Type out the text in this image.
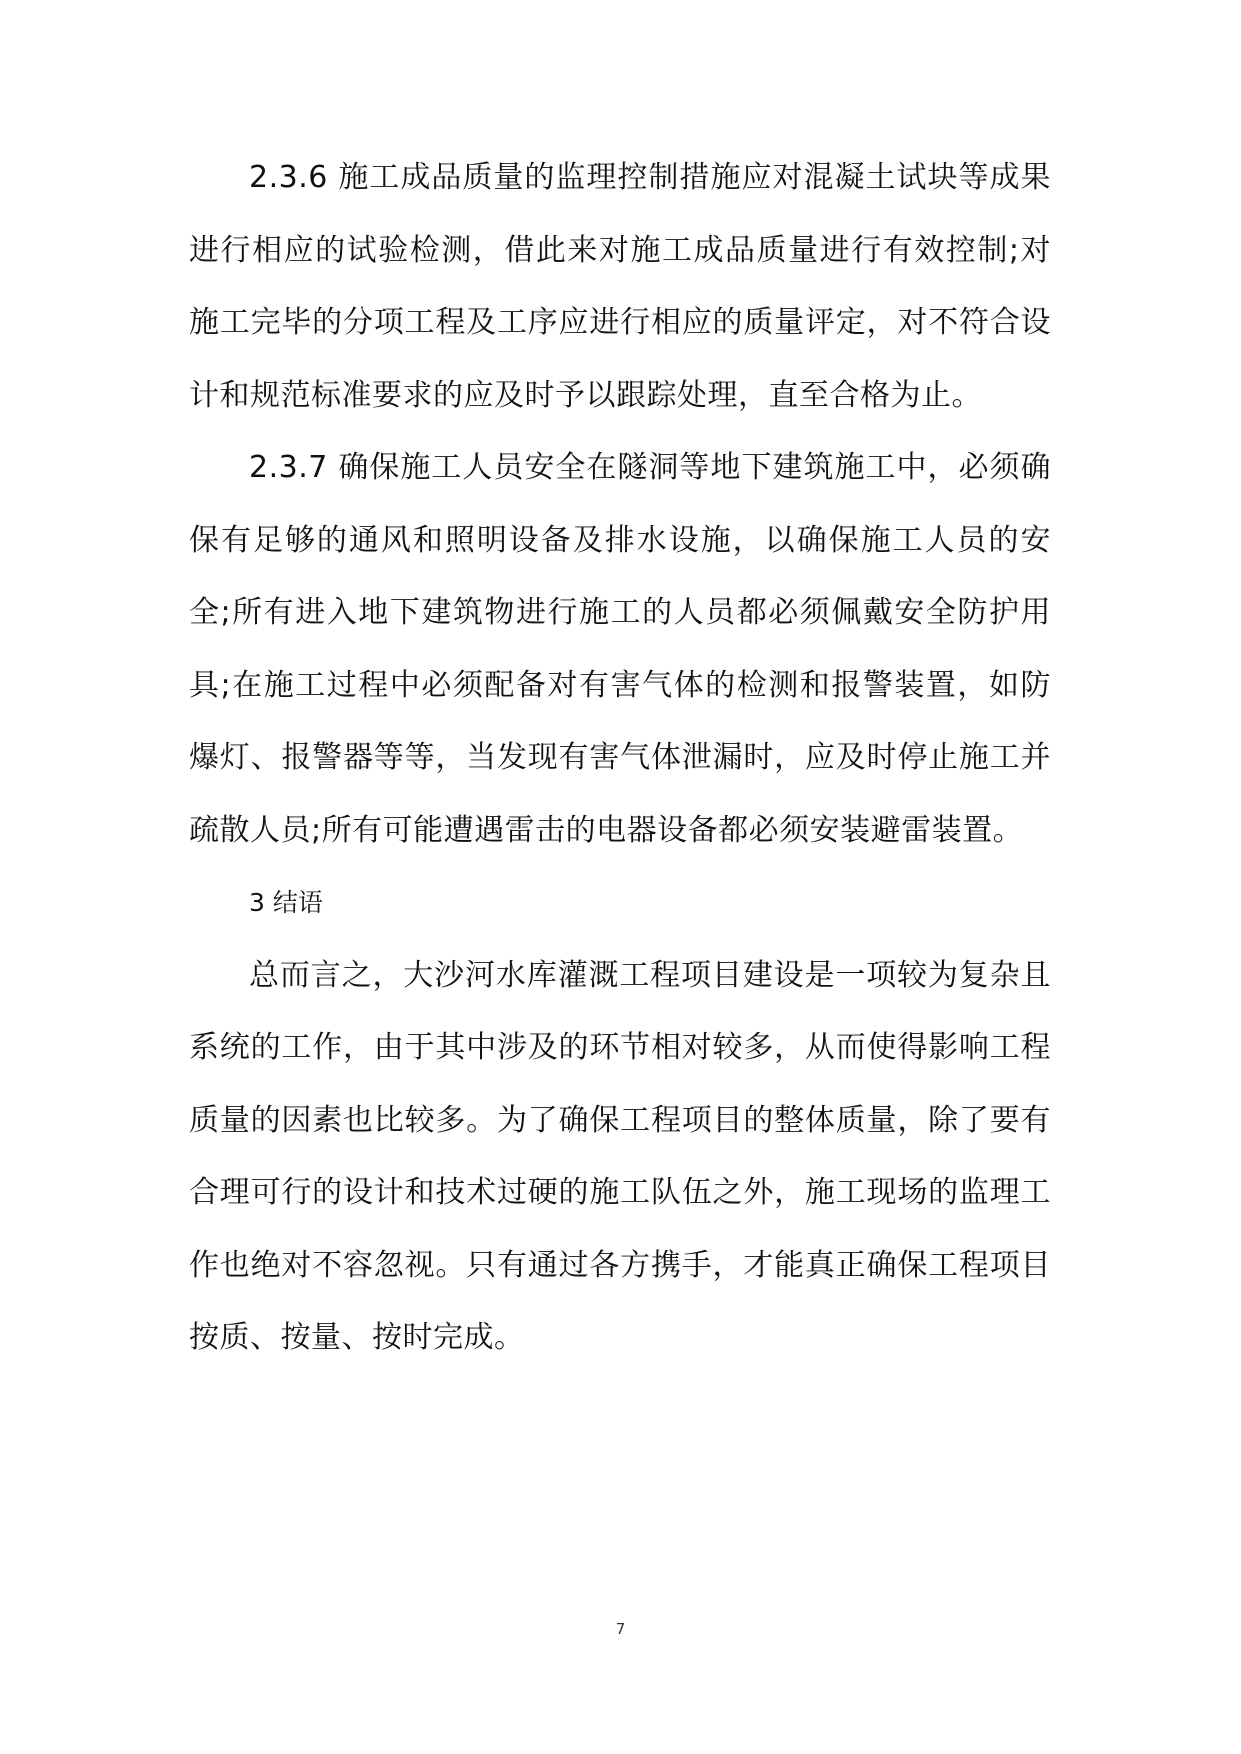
2.3.6 施工成品质量的监理控制措施应对混凝土试块等成果进行相应的试验检测，借此来对施工成品质量进行有效控制;对施工完毕的分项工程及工序应进行相应的质量评定，对不符合设计和规范标准要求的应及时予以跟踪处理，直至合格为止。

2.3.7 确保施工人员安全在隧洞等地下建筑施工中，必须确保有足够的通风和照明设备及排水设施，以确保施工人员的安全;所有进入地下建筑物进行施工的人员都必须佩戴安全防护用具;在施工过程中必须配备对有害气体的检测和报警装置，如防爆灯、报警器等等，当发现有害气体泄漏时，应及时停止施工并疏散人员;所有可能遭遇雷击的电器设备都必须安装避雷装置。

3 结语

总而言之，大沙河水库灌溉工程项目建设是一项较为复杂且系统的工作，由于其中涉及的环节相对较多，从而使得影响工程质量的因素也比较多。为了确保工程项目的整体质量，除了要有合理可行的设计和技术过硬的施工队伍之外，施工现场的监理工作也绝对不容忽视。只有通过各方携手，才能真正确保工程项目按质、按量、按时完成。

7
